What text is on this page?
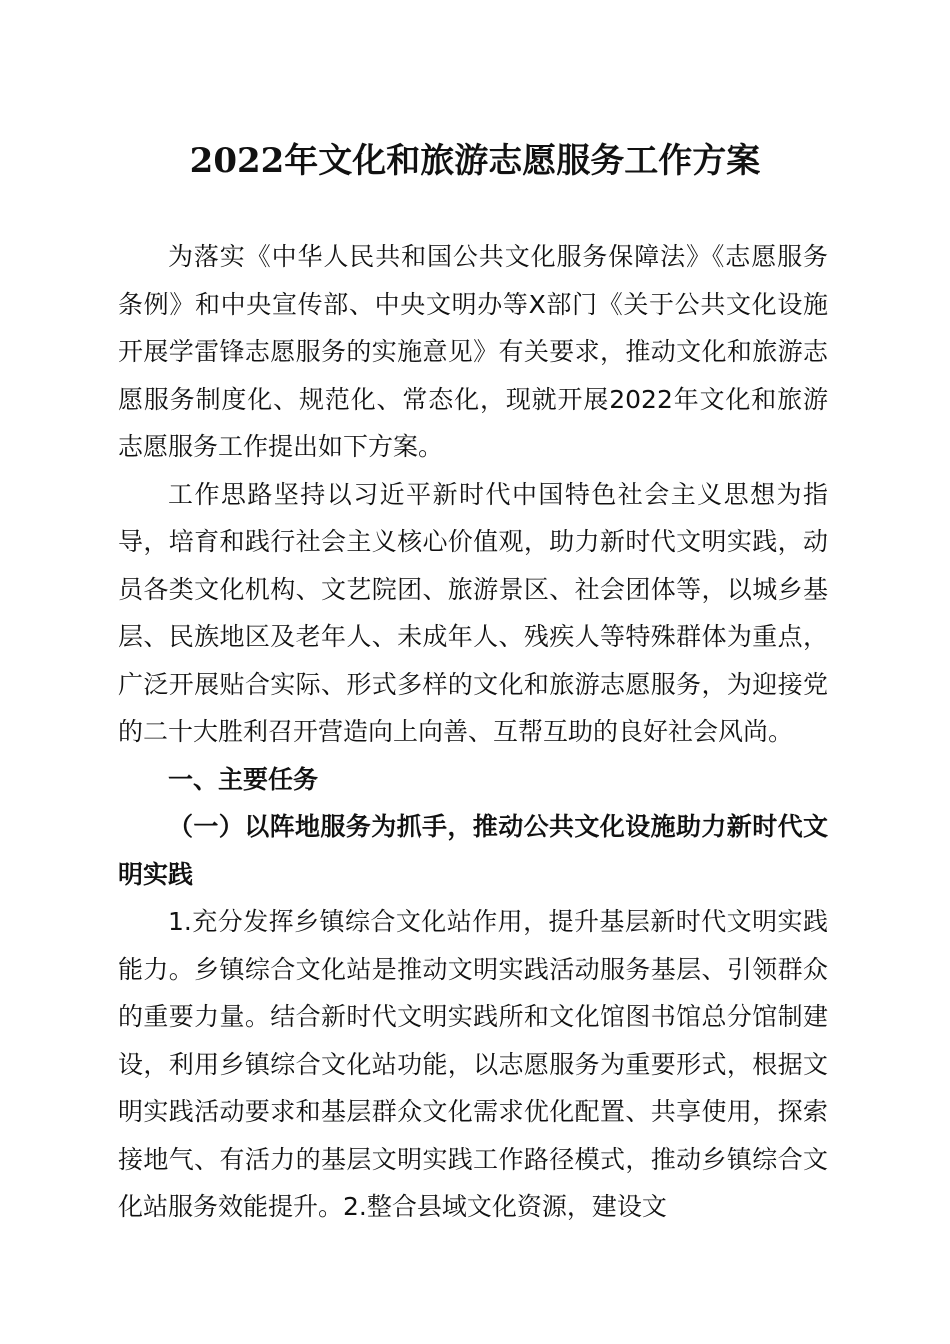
2022年文化和旅游志愿服务工作方案

为落实《中华人民共和国公共文化服务保障法》《志愿服务条例》和中央宣传部、中央文明办等X部门《关于公共文化设施开展学雷锋志愿服务的实施意见》有关要求，推动文化和旅游志愿服务制度化、规范化、常态化，现就开展2022年文化和旅游志愿服务工作提出如下方案。

工作思路坚持以习近平新时代中国特色社会主义思想为指导，培育和践行社会主义核心价值观，助力新时代文明实践，动员各类文化机构、文艺院团、旅游景区、社会团体等，以城乡基层、民族地区及老年人、未成年人、残疾人等特殊群体为重点，广泛开展贴合实际、形式多样的文化和旅游志愿服务，为迎接党的二十大胜利召开营造向上向善、互帮互助的良好社会风尚。

一、主要任务

（一）以阵地服务为抓手，推动公共文化设施助力新时代文明实践

1.充分发挥乡镇综合文化站作用，提升基层新时代文明实践能力。乡镇综合文化站是推动文明实践活动服务基层、引领群众的重要力量。结合新时代文明实践所和文化馆图书馆总分馆制建设，利用乡镇综合文化站功能，以志愿服务为重要形式，根据文明实践活动要求和基层群众文化需求优化配置、共享使用，探索接地气、有活力的基层文明实践工作路径模式，推动乡镇综合文化站服务效能提升。2.整合县域文化资源，建设文
